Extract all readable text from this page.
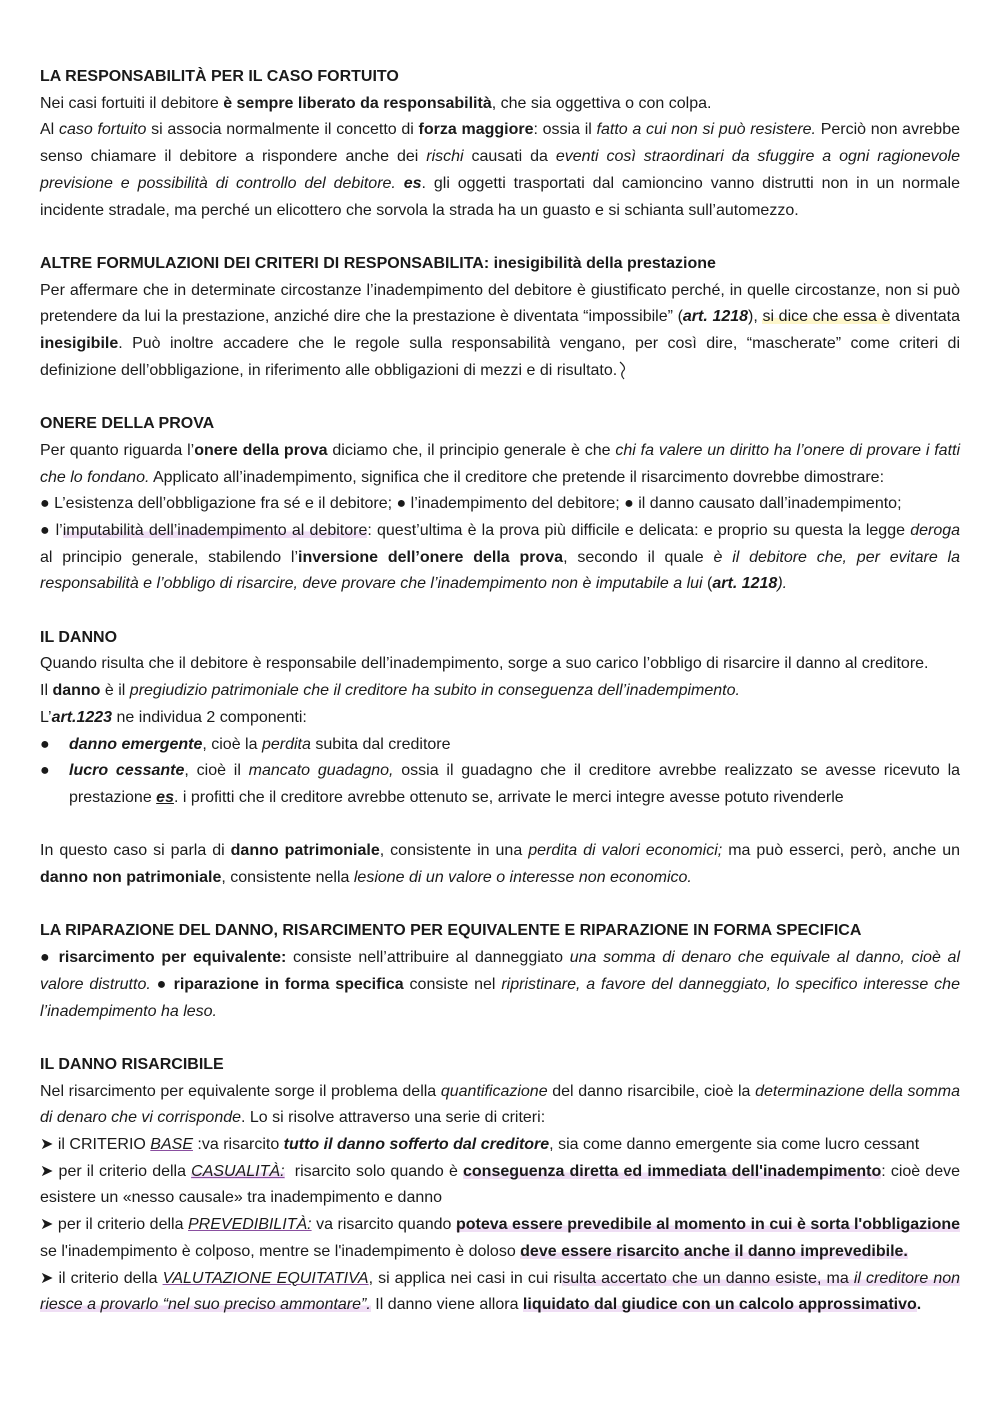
LA RESPONSABILITÀ PER IL CASO FORTUITO

Nei casi fortuiti il debitore è sempre liberato da responsabilità, che sia oggettiva o con colpa.

Al caso fortuito si associa normalmente il concetto di forza maggiore: ossia il fatto a cui non si può resistere. Perciò non avrebbe senso chiamare il debitore a rispondere anche dei rischi causati da eventi così straordinari da sfuggire a ogni ragionevole previsione e possibilità di controllo del debitore. es. gli oggetti trasportati dal camioncino vanno distrutti non in un normale incidente stradale, ma perché un elicottero che sorvola la strada ha un guasto e si schianta sull’automezzo.

ALTRE FORMULAZIONI DEI CRITERI DI RESPONSABILITA: inesigibilità della prestazione

Per affermare che in determinate circostanze l’inadempimento del debitore è giustificato perché, in quelle circostanze, non si può pretendere da lui la prestazione, anziché dire che la prestazione è diventata “impossibile” (art. 1218), si dice che essa è diventata inesigibile. Può inoltre accadere che le regole sulla responsabilità vengano, per così dire, “mascherate” come criteri di definizione dell’obbligazione, in riferimento alle obbligazioni di mezzi e di risultato.

ONERE DELLA PROVA

Per quanto riguarda l’onere della prova diciamo che, il principio generale è che chi fa valere un diritto ha l’onere di provare i fatti che lo fondano. Applicato all’inadempimento, significa che il creditore che pretende il risarcimento dovrebbe dimostrare:

● L’esistenza dell’obbligazione fra sé e il debitore; ● l’inadempimento del debitore; ● il danno causato dall’inadempimento;

● l’imputabilità dell’inadempimento al debitore: quest’ultima è la prova più difficile e delicata: e proprio su questa la legge deroga al principio generale, stabilendo l’inversione dell’onere della prova, secondo il quale è il debitore che, per evitare la responsabilità e l’obbligo di risarcire, deve provare che l’inadempimento non è imputabile a lui (art. 1218).

IL DANNO

Quando risulta che il debitore è responsabile dell’inadempimento, sorge a suo carico l’obbligo di risarcire il danno al creditore.

Il danno è il pregiudizio patrimoniale che il creditore ha subito in conseguenza dell’inadempimento.

L’art.1223 ne individua 2 componenti:

●	danno emergente, cioè la perdita subita dal creditore
●	lucro cessante, cioè il mancato guadagno, ossia il guadagno che il creditore avrebbe realizzato se avesse ricevuto la prestazione es. i profitti che il creditore avrebbe ottenuto se, arrivate le merci integre avesse potuto rivenderle

In questo caso si parla di danno patrimoniale, consistente in una perdita di valori economici; ma può esserci, però, anche un danno non patrimoniale, consistente nella lesione di un valore o interesse non economico.

LA RIPARAZIONE DEL DANNO, RISARCIMENTO PER EQUIVALENTE E RIPARAZIONE IN FORMA SPECIFICA

● risarcimento per equivalente: consiste nell’attribuire al danneggiato una somma di denaro che equivale al danno, cioè al valore distrutto. ● riparazione in forma specifica consiste nel ripristinare, a favore del danneggiato, lo specifico interesse che l’inadempimento ha leso.

IL DANNO RISARCIBILE

Nel risarcimento per equivalente sorge il problema della quantificazione del danno risarcibile, cioè la determinazione della somma di denaro che vi corrisponde. Lo si risolve attraverso una serie di criteri:

➤ il CRITERIO BASE :va risarcito tutto il danno sofferto dal creditore, sia come danno emergente sia come lucro cessant

➤ per il criterio della CASUALITÀ:  risarcito solo quando è conseguenza diretta ed immediata dell'inadempimento: cioè deve esistere un «nesso causale» tra inadempimento e danno

➤ per il criterio della PREVEDIBILITÀ: va risarcito quando poteva essere prevedibile al momento in cui è sorta l'obbligazione se l'inadempimento è colposo, mentre se l'inadempimento è doloso deve essere risarcito anche il danno imprevedibile.

➤ il criterio della VALUTAZIONE EQUITATIVA, si applica nei casi in cui risulta accertato che un danno esiste, ma il creditore non riesce a provarlo “nel suo preciso ammontare”. Il danno viene allora liquidato dal giudice con un calcolo approssimativo.
